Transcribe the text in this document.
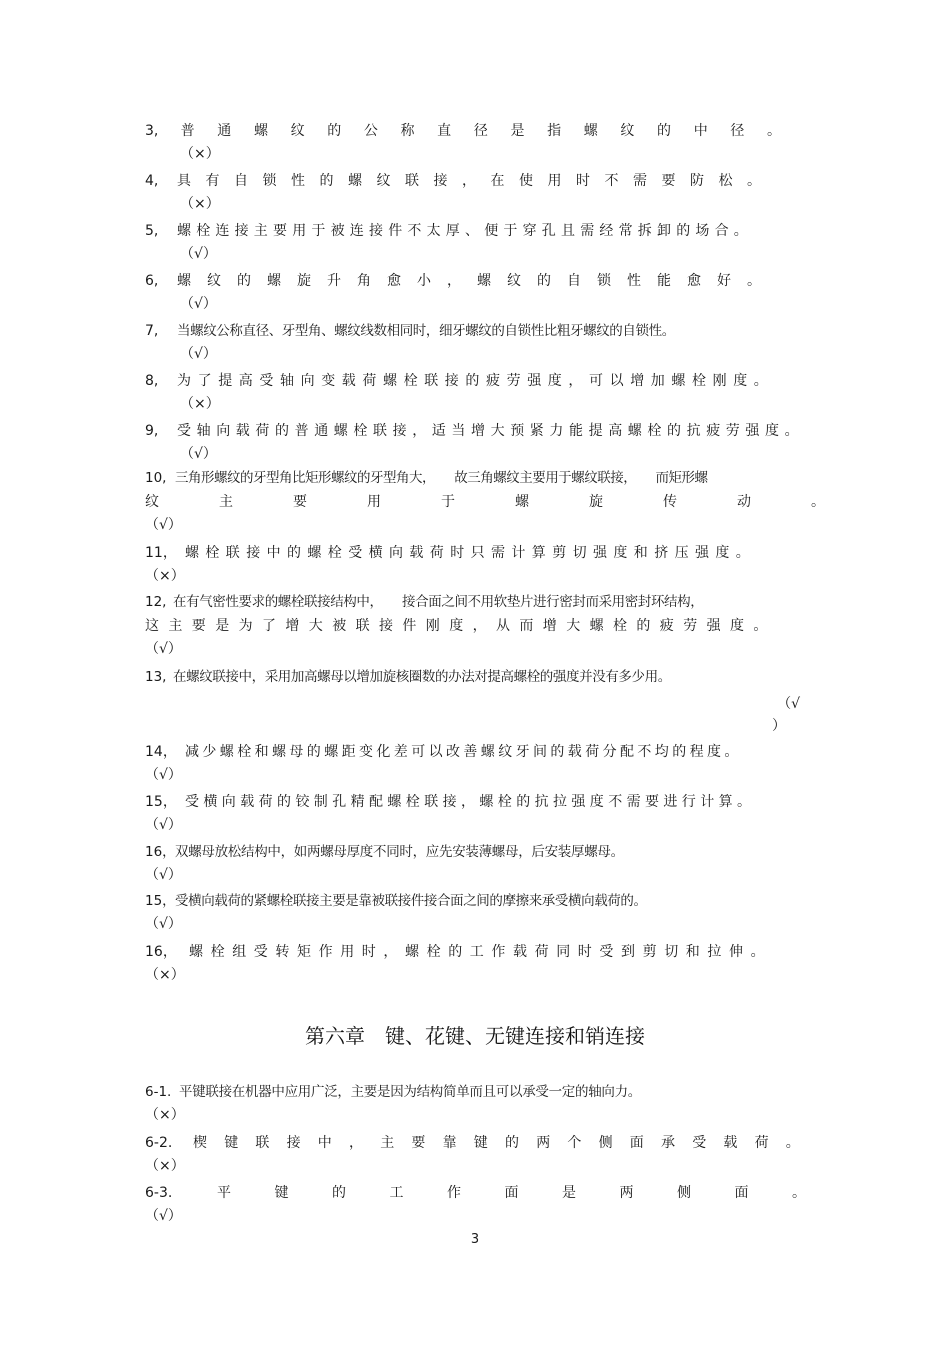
3, 普通螺纹的公称直径是指螺纹的中径。
（×）
4, 具有自锁性的螺纹联接，在使用时不需要防松。
（×）
5, 螺栓连接主要用于被连接件不太厚、便于穿孔且需经常拆卸的场合。
（√）
6, 螺纹的螺旋升角愈小，螺纹的自锁性能愈好。
（√）
7, 当螺纹公称直径、牙型角、螺纹线数相同时，细牙螺纹的自锁性比粗牙螺纹的自锁性。
（√）
8, 为了提高受轴向变载荷螺栓联接的疲劳强度，可以增加螺栓刚度。
（×）
9, 受轴向载荷的普通螺栓联接，适当增大预紧力能提高螺栓的抗疲劳强度。
（√）
10, 三角形螺纹的牙型角比矩形螺纹的牙型角大，　　故三角螺纹主要用于螺纹联接，　　而矩形螺
纹主要用于螺旋传动。
（√）
11， 螺栓联接中的螺栓受横向载荷时只需计算剪切强度和挤压强度。
（×）
12, 在有气密性要求的螺栓联接结构中，　　接合面之间不用软垫片进行密封而采用密封环结构，
这主要是为了增大被联接件刚度，从而增大螺栓的疲劳强度。
（√）
13, 在螺纹联接中，采用加高螺母以增加旋核圈数的办法对提高螺栓的强度并没有多少用。
（√
）
14， 减少螺栓和螺母的螺距变化差可以改善螺纹牙间的载荷分配不均的程度。
（√）
15， 受横向载荷的铰制孔精配螺栓联接，螺栓的抗拉强度不需要进行计算。
（√）
16，双螺母放松结构中，如两螺母厚度不同时，应先安装薄螺母，后安装厚螺母。
（√）
15，受横向载荷的紧螺栓联接主要是靠被联接件接合面之间的摩擦来承受横向载荷的。
（√）
16， 螺栓组受转矩作用时，螺栓的工作载荷同时受到剪切和拉伸。
（×）
第六章　键、花键、无键连接和销连接
6-1. 平键联接在机器中应用广泛，主要是因为结构简单而且可以承受一定的轴向力。
（×）
6-2. 楔键联接中，主要靠键的两个侧面承受载荷。
（×）
6-3.	平键的工作面是两侧面。
（√）
3
